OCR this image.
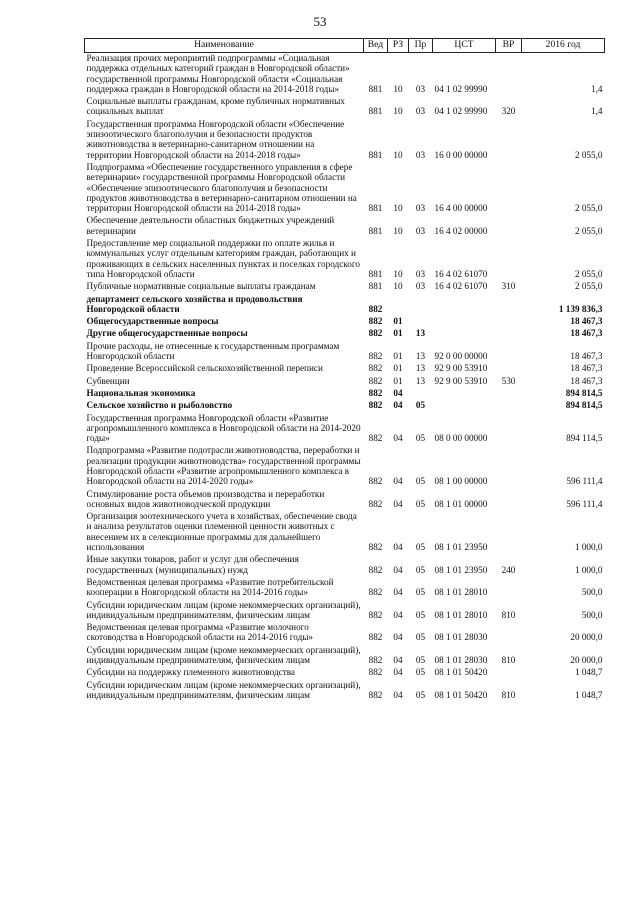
53
Наименование	Вед	РЗ	Пр	ЦСТ	ВР	2016 год
Реализация прочих мероприятий подпрограммы «Социальная поддержка отдельных категорий граждан в Новгородской области» государственной программы Новгородской области «Социальная поддержка граждан в Новгородской области на 2014-2018 годы»	881	10	03	04 1 02 99990		1,4
Социальные выплаты гражданам, кроме публичных нормативных социальных выплат	881	10	03	04 1 02 99990	320	1,4
Государственная программа Новгородской области «Обеспечение эпизоотического благополучия и безопасности продуктов животноводства в ветеринарно-санитарном отношении на территории Новгородской области на 2014-2018 годы»	881	10	03	16 0 00 00000		2 055,0
Подпрограмма «Обеспечение государственного управления в сфере ветеринарии» государственной программы Новгородской области «Обеспечение эпизоотического благополучия и безопасности продуктов животноводства в ветеринарно-санитарном отношении на территории Новгородской области на 2014-2018 годы»	881	10	03	16 4 00 00000		2 055,0
Обеспечение деятельности областных бюджетных учреждений ветеринарии	881	10	03	16 4 02 00000		2 055,0
Предоставление мер социальной поддержки по оплате жилья и коммунальных услуг отдельным категориям граждан, работающих и проживающих в сельских населенных пунктах и поселках городского типа Новгородской области	881	10	03	16 4 02 61070		2 055,0
Публичные нормативные социальные выплаты гражданам	881	10	03	16 4 02 61070	310	2 055,0
департамент сельского хозяйства и продовольствия Новгородской области	882					1 139 836,3
Общегосударственные вопросы	882	01				18 467,3
Другие общегосударственные вопросы	882	01	13			18 467,3
Прочие расходы, не отнесенные к государственным программам Новгородской области	882	01	13	92 0 00 00000		18 467,3
Проведение Всероссийской сельскохозяйственной переписи	882	01	13	92 9 00 53910		18 467,3
Субвенции	882	01	13	92 9 00 53910	530	18 467,3
Национальная экономика	882	04				894 814,5
Сельское хозяйство и рыболовство	882	04	05			894 814,5
Государственная программа Новгородской области «Развитие агропромышленного комплекса в Новгородской области на 2014-2020 годы»	882	04	05	08 0 00 00000		894 114,5
Подпрограмма «Развитие подотрасли животноводства, переработки и реализации продукции животноводства» государственной программы Новгородской области «Развитие агропромышленного комплекса в Новгородской области на 2014-2020 годы»	882	04	05	08 1 00 00000		596 111,4
Стимулирование роста объемов производства и переработки основных видов животноводческой продукции	882	04	05	08 1 01 00000		596 111,4
Организация зоотехнического учета в хозяйствах, обеспечение свода и анализа результатов оценки племенной ценности животных с внесением их в селекционные программы для дальнейшего использования	882	04	05	08 1 01 23950		1 000,0
Иные закупки товаров, работ и услуг для обеспечения государственных (муниципальных) нужд	882	04	05	08 1 01 23950	240	1 000,0
Ведомственная целевая программа «Развитие потребительской кооперации в Новгородской области на 2014-2016 годы»	882	04	05	08 1 01 28010		500,0
Субсидии юридическим лицам (кроме некоммерческих организаций), индивидуальным предпринимателям, физическим лицам	882	04	05	08 1 01 28010	810	500,0
Ведомственная целевая программа «Развитие молочного скотоводства в Новгородской области на 2014-2016 годы»	882	04	05	08 1 01 28030		20 000,0
Субсидии юридическим лицам (кроме некоммерческих организаций), индивидуальным предпринимателям, физическим лицам	882	04	05	08 1 01 28030	810	20 000,0
Субсидии на поддержку племенного животноводства	882	04	05	08 1 01 50420		1 048,7
Субсидии юридическим лицам (кроме некоммерческих организаций), индивидуальным предпринимателям, физическим лицам	882	04	05	08 1 01 50420	810	1 048,7
